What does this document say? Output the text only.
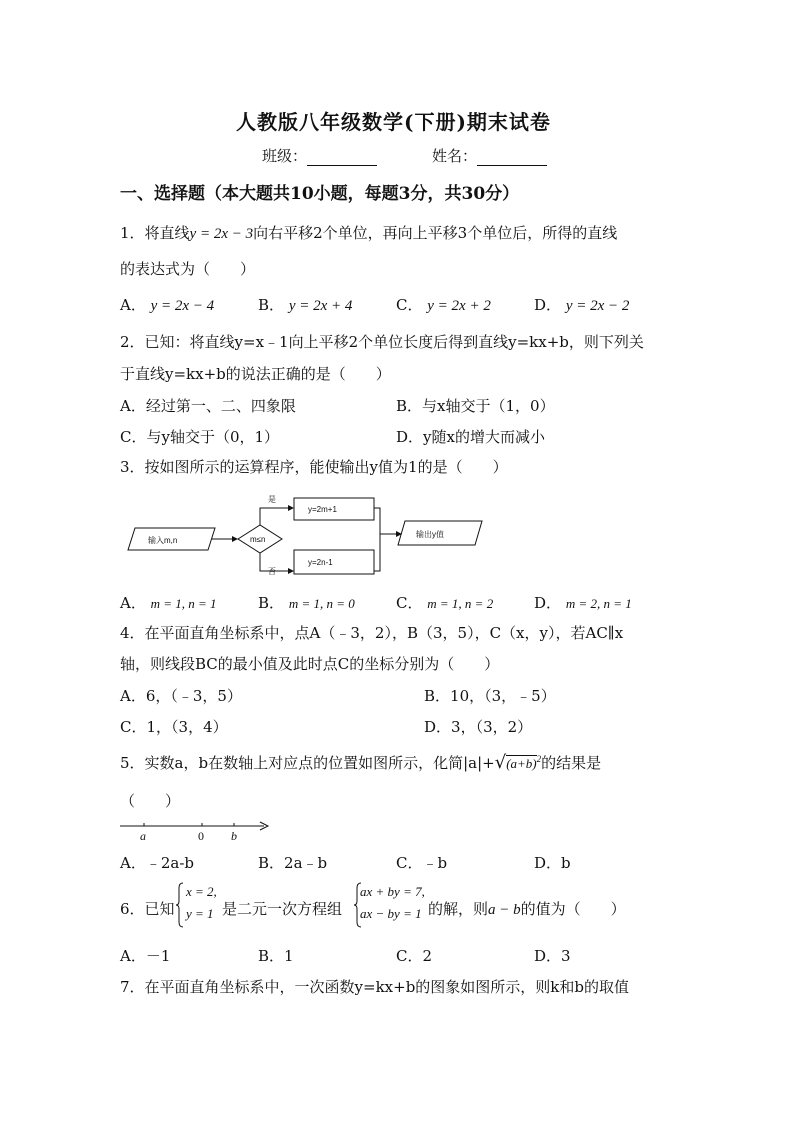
人教版八年级数学(下册)期末试卷
班级：	姓名：
一、选择题（本大题共10小题，每题3分，共30分）
1．将直线y = 2x − 3向右平移2个单位，再向上平移3个单位后，所得的直线
的表达式为（　　）
A． y = 2x − 4	B． y = 2x + 4	C． y = 2x + 2	D． y = 2x − 2
2．已知：将直线y=x﹣1向上平移2个单位长度后得到直线y=kx+b，则下列关
于直线y=kx+b的说法正确的是（　　）
A．经过第一、二、四象限	B．与x轴交于（1，0）
C．与y轴交于（0，1）	D．y随x的增大而减小
3．按如图所示的运算程序，能使输出y值为1的是（　　）
输入m,n	m≤n
是
y=2m+1
否
y=2n-1
输出y值
A． m = 1, n = 1	B． m = 1, n = 0	C． m = 1, n = 2	D． m = 2, n = 1
4．在平面直角坐标系中，点A（﹣3，2），B（3，5），C（x，y），若AC∥x
轴，则线段BC的最小值及此时点C的坐标分别为（　　）
A．6，（﹣3，5）	B．10，（3，﹣5）
C．1，（3，4）	D．3，（3，2）
5．实数a，b在数轴上对应点的位置如图所示，化简$|a|+√(a+b)^2$的结果是
（　　）
a	0 b
A．﹣2a-b	B．2a﹣b	C．﹣b	D．b
6．已知
x = 2,
y = 1 是二元一次方程组
ax + by = 7,
ax − by = 1 的解，则a − b的值为（　　）
A．－1	B．1	C．2	D．3
7．在平面直角坐标系中，一次函数y=kx+b的图象如图所示，则k和b的取值
